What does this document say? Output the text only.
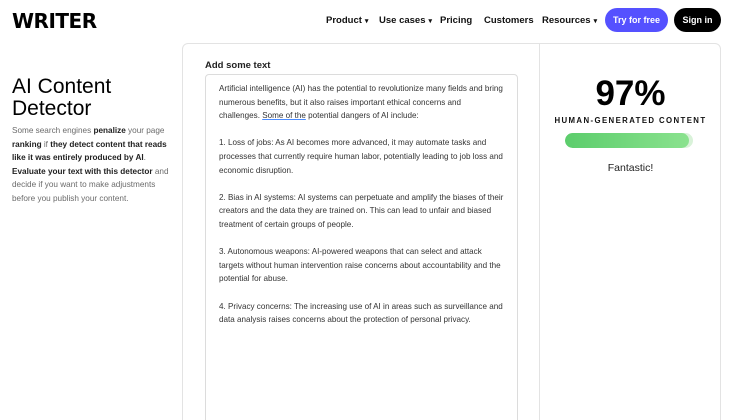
WRITER	Product ▾ Use cases ▾ Pricing Customers Resources ▾	Try for free	Sign in
AI Content Detector

Some search engines penalize your page ranking if they detect content that reads like it was entirely produced by AI. Evaluate your text with this detector and decide if you want to make adjustments before you publish your content.

Add some text

Artificial intelligence (AI) has the potential to revolutionize many fields and bring numerous benefits, but it also raises important ethical concerns and challenges. Some of the potential dangers of AI include:

1. Loss of jobs: As AI becomes more advanced, it may automate tasks and processes that currently require human labor, potentially leading to job loss and economic disruption.

2. Bias in AI systems: AI systems can perpetuate and amplify the biases of their creators and the data they are trained on. This can lead to unfair and biased treatment of certain groups of people.

3. Autonomous weapons: AI-powered weapons that can select and attack targets without human intervention raise concerns about accountability and the potential for abuse.

4. Privacy concerns: The increasing use of AI in areas such as surveillance and data analysis raises concerns about the protection of personal privacy.

97%
HUMAN-GENERATED CONTENT
Fantastic!
